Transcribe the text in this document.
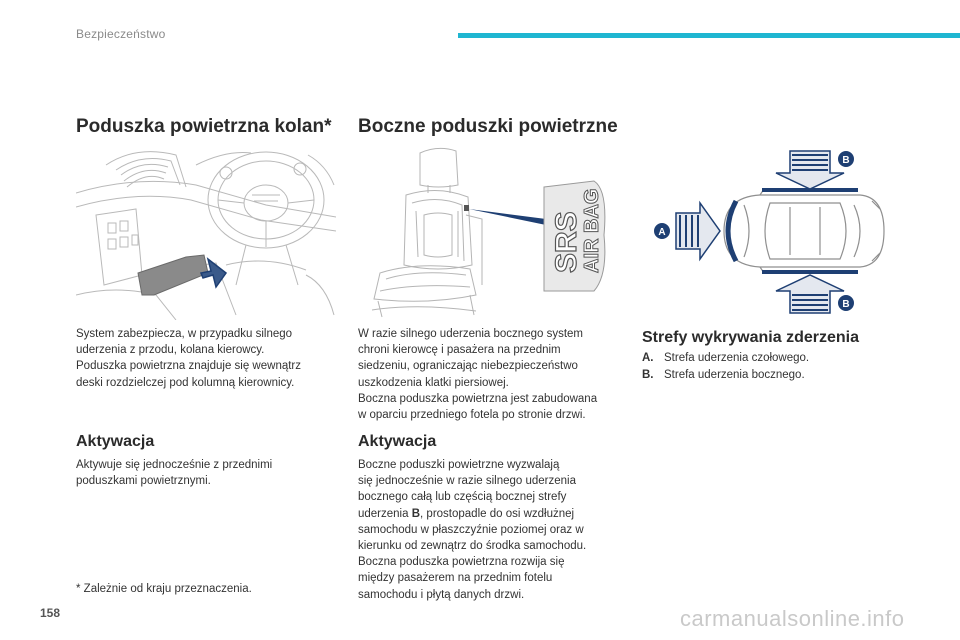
Bezpieczeństwo
Poduszka powietrzna kolan*
System zabezpiecza, w przypadku silnego
uderzenia z przodu, kolana kierowcy.
Poduszka powietrzna znajduje się wewnątrz
deski rozdzielczej pod kolumną kierownicy.
Aktywacja
Aktywuje się jednocześnie z przednimi
poduszkami powietrznymi.
* Zależnie od kraju przeznaczenia.
Boczne poduszki powietrzne
SRS
AIR BAG
W razie silnego uderzenia bocznego system
chroni kierowcę i pasażera na przednim
siedzeniu, ograniczając niebezpieczeństwo
uszkodzenia klatki piersiowej.
Boczna poduszka powietrzna jest zabudowana
w oparciu przedniego fotela po stronie drzwi.
Aktywacja
Boczne poduszki powietrzne wyzwalają
się jednocześnie w razie silnego uderzenia
bocznego całą lub częścią bocznej strefy
uderzenia B, prostopadle do osi wzdłużnej
samochodu w płaszczyźnie poziomej oraz w
kierunku od zewnątrz do środka samochodu.
Boczna poduszka powietrzna rozwija się
między pasażerem na przednim fotelu
samochodu i płytą danych drzwi.
A
B
B
Strefy wykrywania zderzenia
A. Strefa uderzenia czołowego.
B. Strefa uderzenia bocznego.
158	carmanualsonline.info
